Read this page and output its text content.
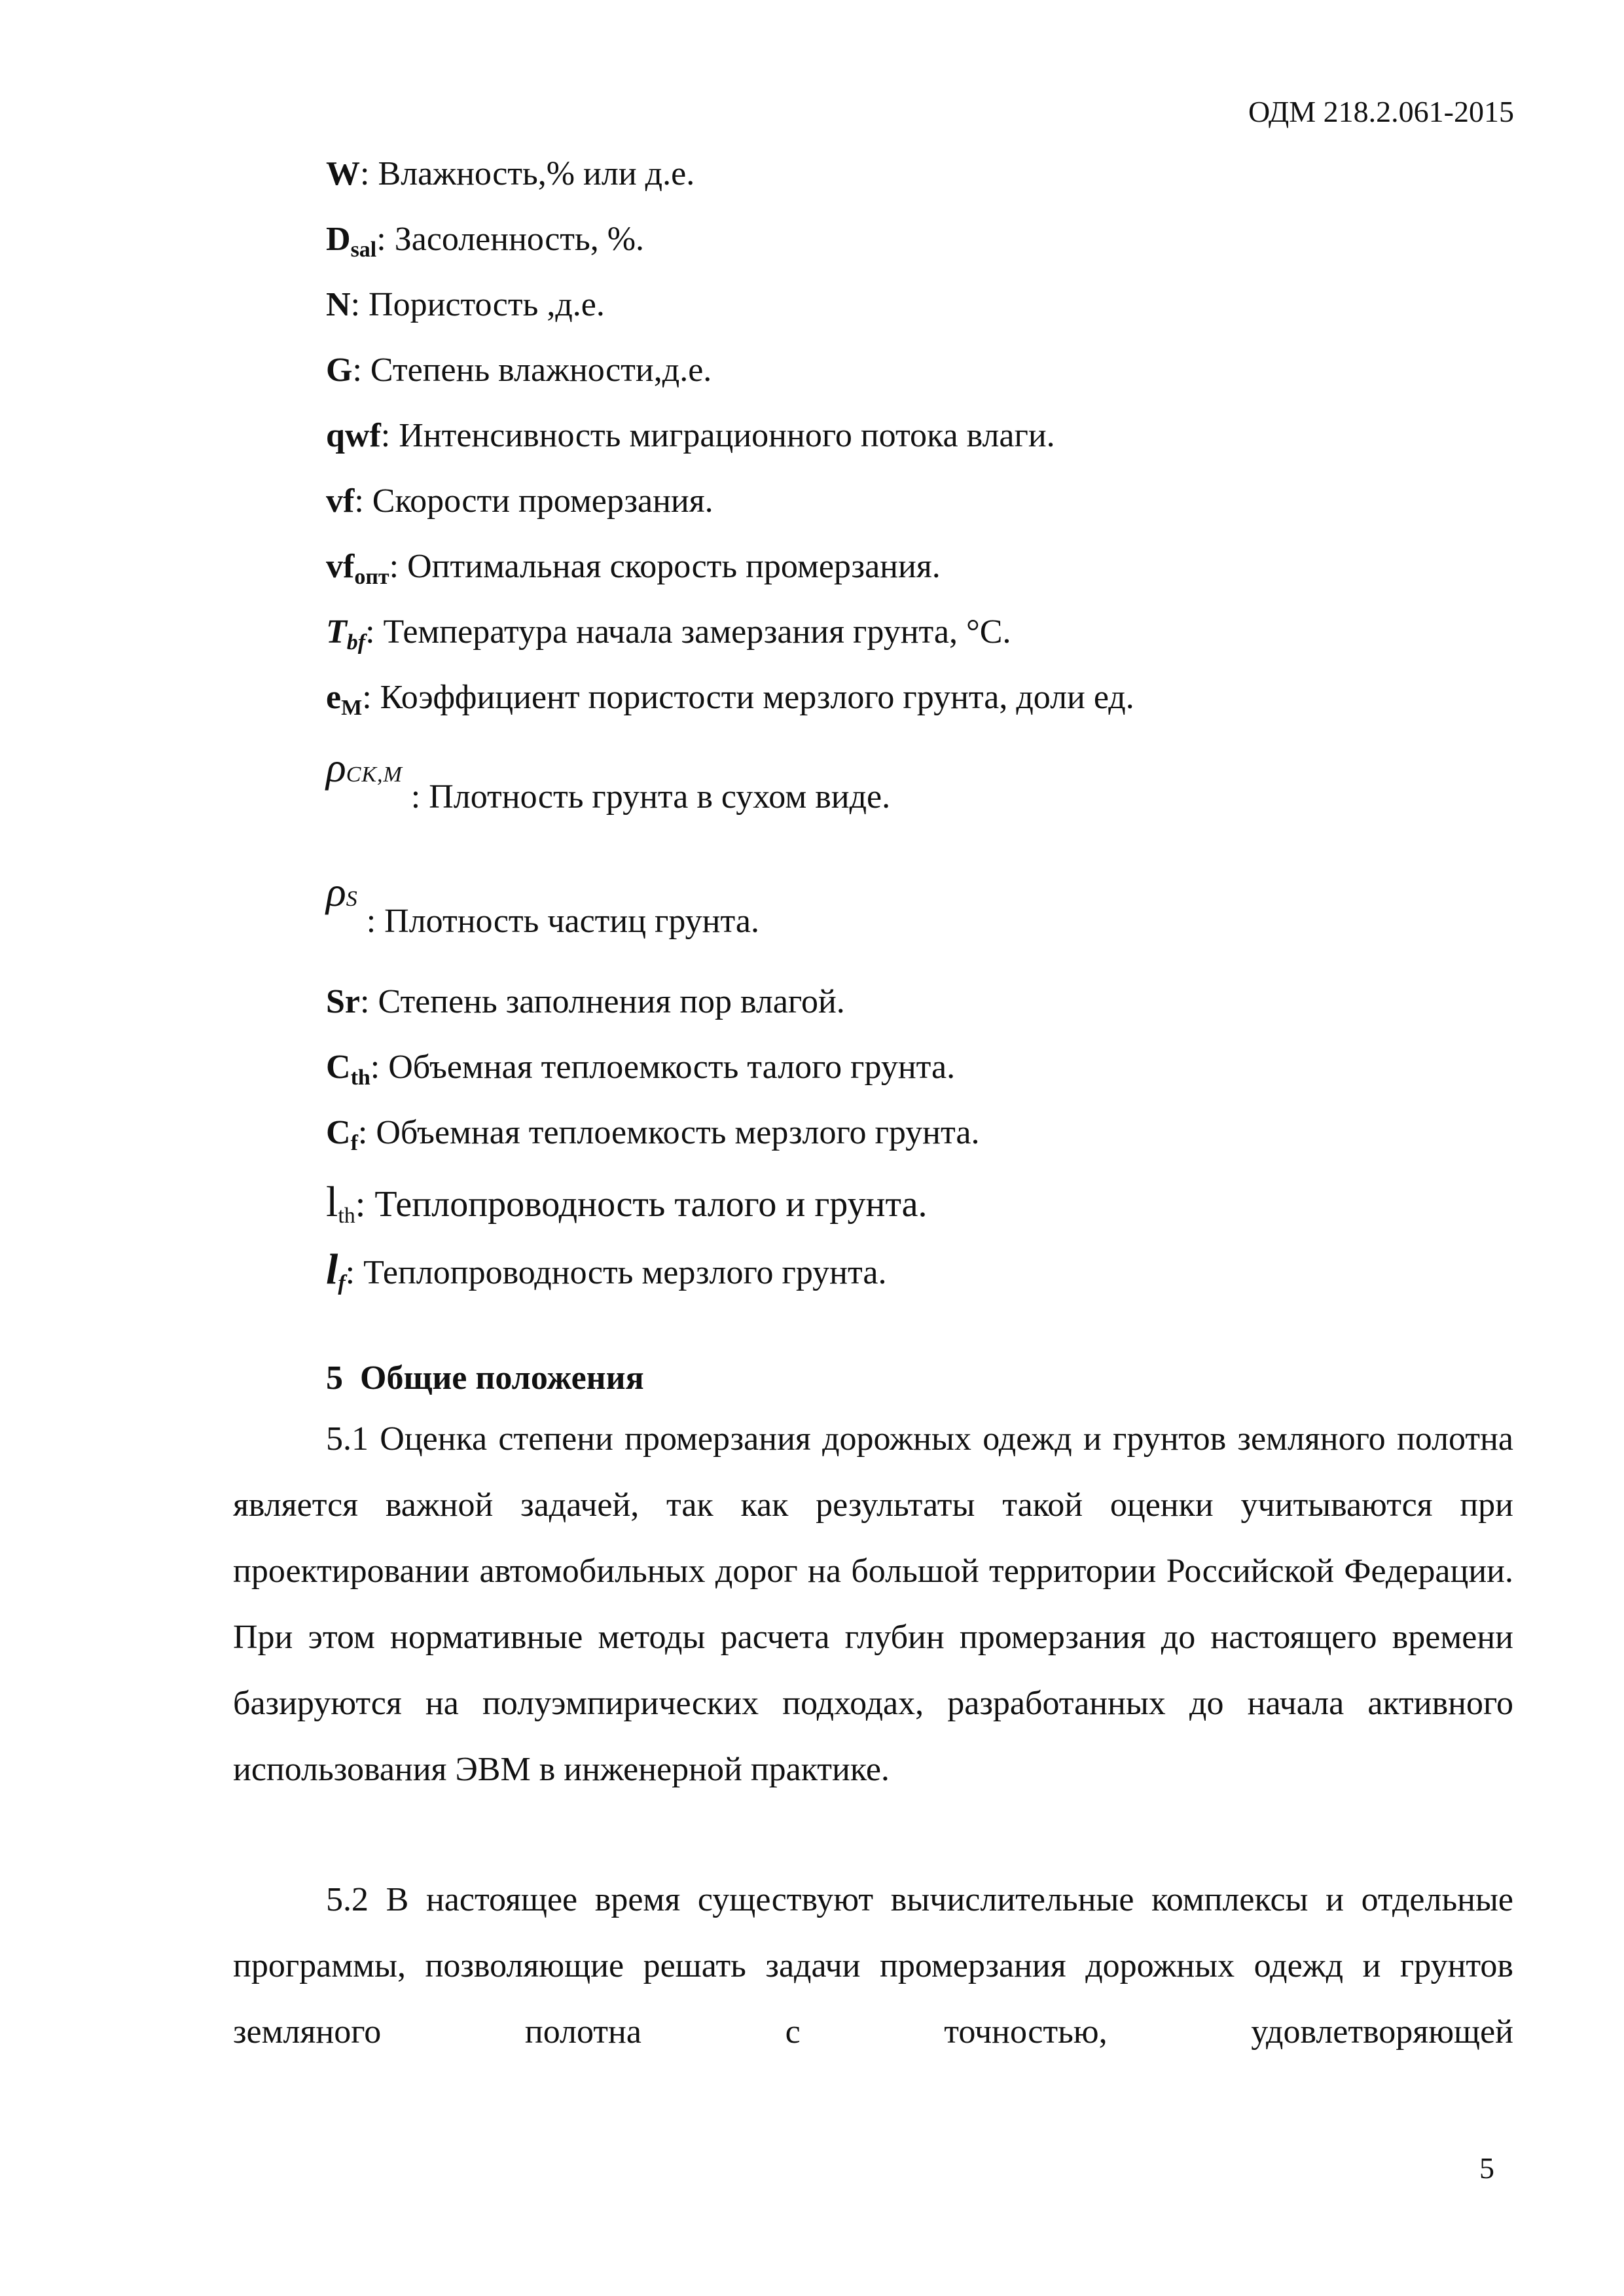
ОДМ 218.2.061-2015
W: Влажность,% или д.е.
$D_{sal}$: Засоленность, %.
N: Пористость ,д.е.
G: Степень влажности,д.е.
qwf: Интенсивность миграционного потока влаги.
vf: Скорости промерзания.
$vf_{опт}$: Оптимальная скорость промерзания.
$T_{bf}$: Температура начала замерзания грунта, °С.
$e_M$: Коэффициент пористости мерзлого грунта, доли ед.
ρСК,М : Плотность грунта в сухом виде.
ρS : Плотность частиц грунта.
Sr: Степень заполнения пор влагой.
$C_{th}$: Объемная теплоемкость талого грунта.
$C_f$: Объемная теплоемкость мерзлого грунта.
$l_{th}$: Теплопроводность талого и грунта.
$l_f$: Теплопроводность мерзлого грунта.
5 Общие положения

5.1 Оценка степени промерзания дорожных одежд и грунтов земляного полотна является важной задачей, так как результаты такой оценки учитываются при проектировании автомобильных дорог на большой территории Российской Федерации. При этом нормативные методы расчета глубин промерзания до настоящего времени базируются на полуэмпирических подходах, разработанных до начала активного использования ЭВМ в инженерной практике.

5.2 В настоящее время существуют вычислительные комплексы и отдельные программы, позволяющие решать задачи промерзания дорожных одежд и грунтов земляного полотна с точностью, удовлетворяющей

5
